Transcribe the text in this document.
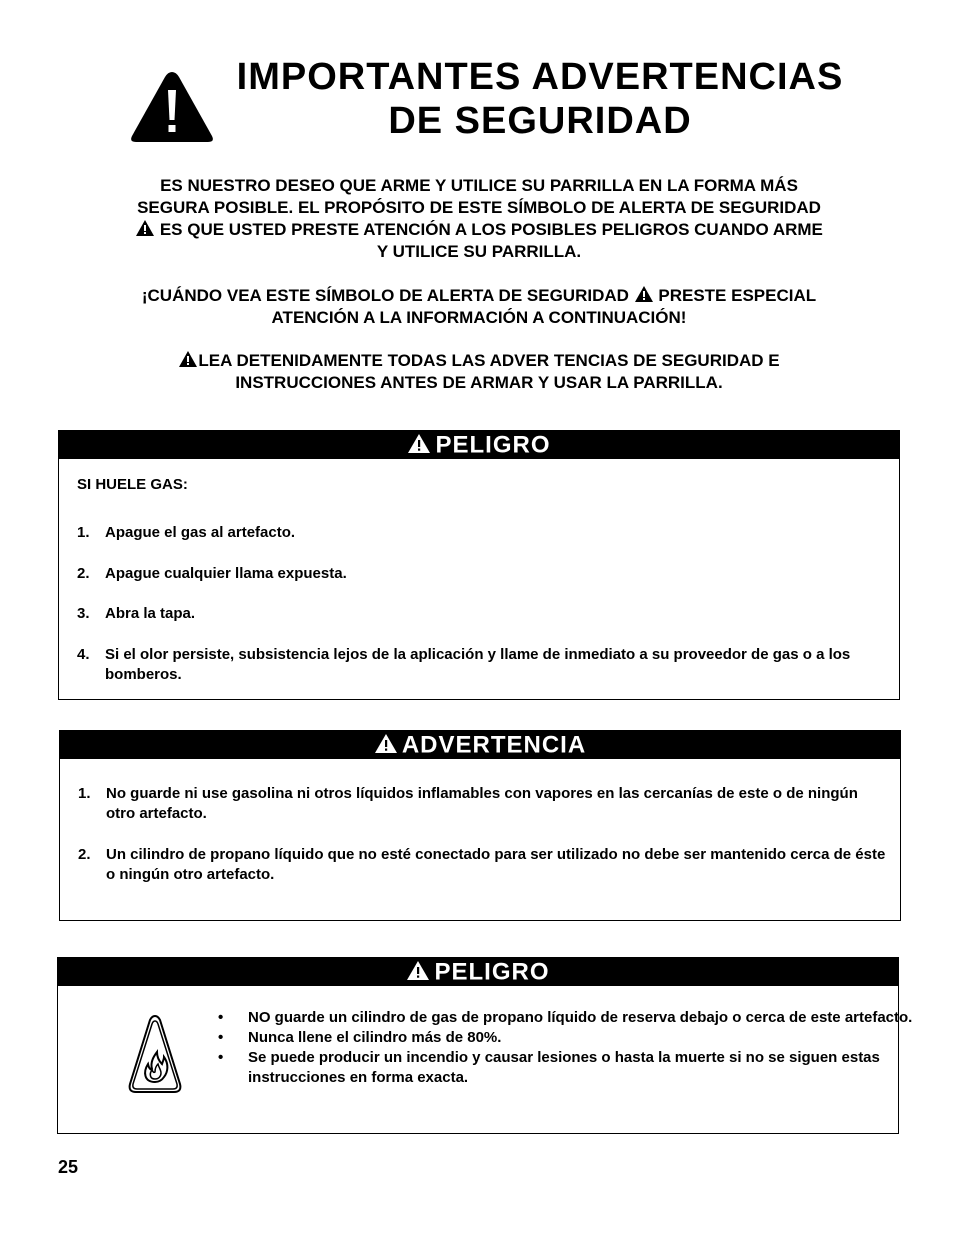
IMPORTANTES ADVERTENCIAS
DE SEGURIDAD
ES NUESTRO DESEO QUE ARME Y UTILICE SU PARRILLA EN LA FORMA MÁS
SEGURA POSIBLE. EL PROPÓSITO DE ESTE SÍMBOLO DE ALERTA DE SEGURIDAD
ES QUE USTED PRESTE ATENCIÓN A LOS POSIBLES PELIGROS CUANDO ARME
Y UTILICE SU PARRILLA.
¡CUÁNDO VEA ESTE SÍMBOLO DE ALERTA DE SEGURIDAD PRESTE ESPECIAL
ATENCIÓN A LA INFORMACIÓN A CONTINUACIÓN!
LEA DETENIDAMENTE TODAS LAS ADVER TENCIAS DE SEGURIDAD E
INSTRUCCIONES ANTES DE ARMAR Y USAR LA PARRILLA.
PELIGRO
SI HUELE GAS:
1. Apague el gas al artefacto.
2. Apague cualquier llama expuesta.
3. Abra la tapa.
4. Si el olor persiste, subsistencia lejos de la aplicación y llame de inmediato a su proveedor de gas o a los bomberos.
ADVERTENCIA
1. No guarde ni use gasolina ni otros líquidos inflamables con vapores en las cercanías de este o de ningún otro artefacto.
2. Un cilindro de propano líquido que no esté conectado para ser utilizado no debe ser mantenido cerca de éste o ningún otro artefacto.
PELIGRO
• NO guarde un cilindro de gas de propano líquido de reserva debajo o cerca de este artefacto.
• Nunca llene el cilindro más de 80%.
• Se puede producir un incendio y causar lesiones o hasta la muerte si no se siguen estas instrucciones en forma exacta.
25
